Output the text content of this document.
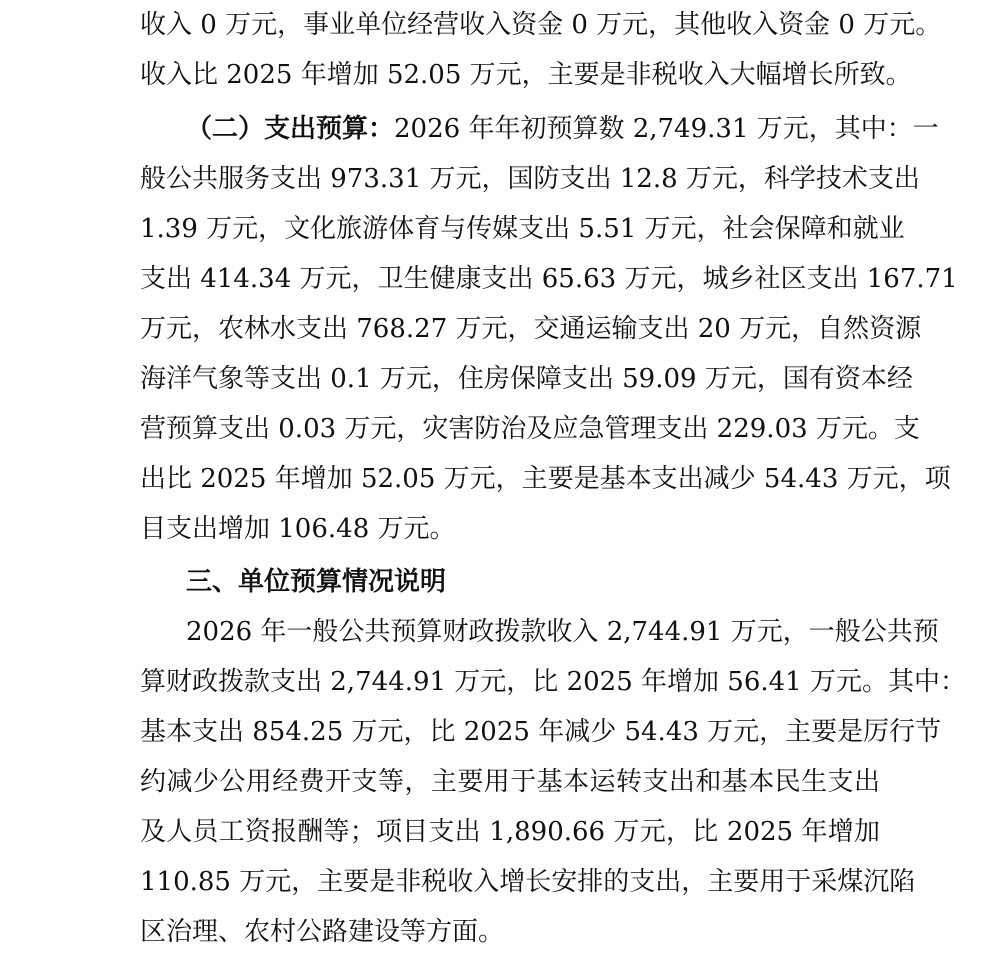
收入 0 万元，事业单位经营收入资金 0 万元，其他收入资金 0 万元。
收入比 2025 年增加 52.05 万元，主要是非税收入大幅增长所致。
（二）支出预算：2026 年年初预算数 2,749.31 万元，其中：一
般公共服务支出 973.31 万元，国防支出 12.8 万元，科学技术支出
1.39 万元，文化旅游体育与传媒支出 5.51 万元，社会保障和就业
支出 414.34 万元，卫生健康支出 65.63 万元，城乡社区支出 167.71
万元，农林水支出 768.27 万元，交通运输支出 20 万元，自然资源
海洋气象等支出 0.1 万元，住房保障支出 59.09 万元，国有资本经
营预算支出 0.03 万元，灾害防治及应急管理支出 229.03 万元。支
出比 2025 年增加 52.05 万元，主要是基本支出减少 54.43 万元，项
目支出增加 106.48 万元。
三、单位预算情况说明
2026 年一般公共预算财政拨款收入 2,744.91 万元，一般公共预
算财政拨款支出 2,744.91 万元，比 2025 年增加 56.41 万元。其中：
基本支出 854.25 万元，比 2025 年减少 54.43 万元，主要是厉行节
约减少公用经费开支等，主要用于基本运转支出和基本民生支出
及人员工资报酬等；项目支出 1,890.66 万元，比 2025 年增加
110.85 万元，主要是非税收入增长安排的支出，主要用于采煤沉陷
区治理、农村公路建设等方面。
